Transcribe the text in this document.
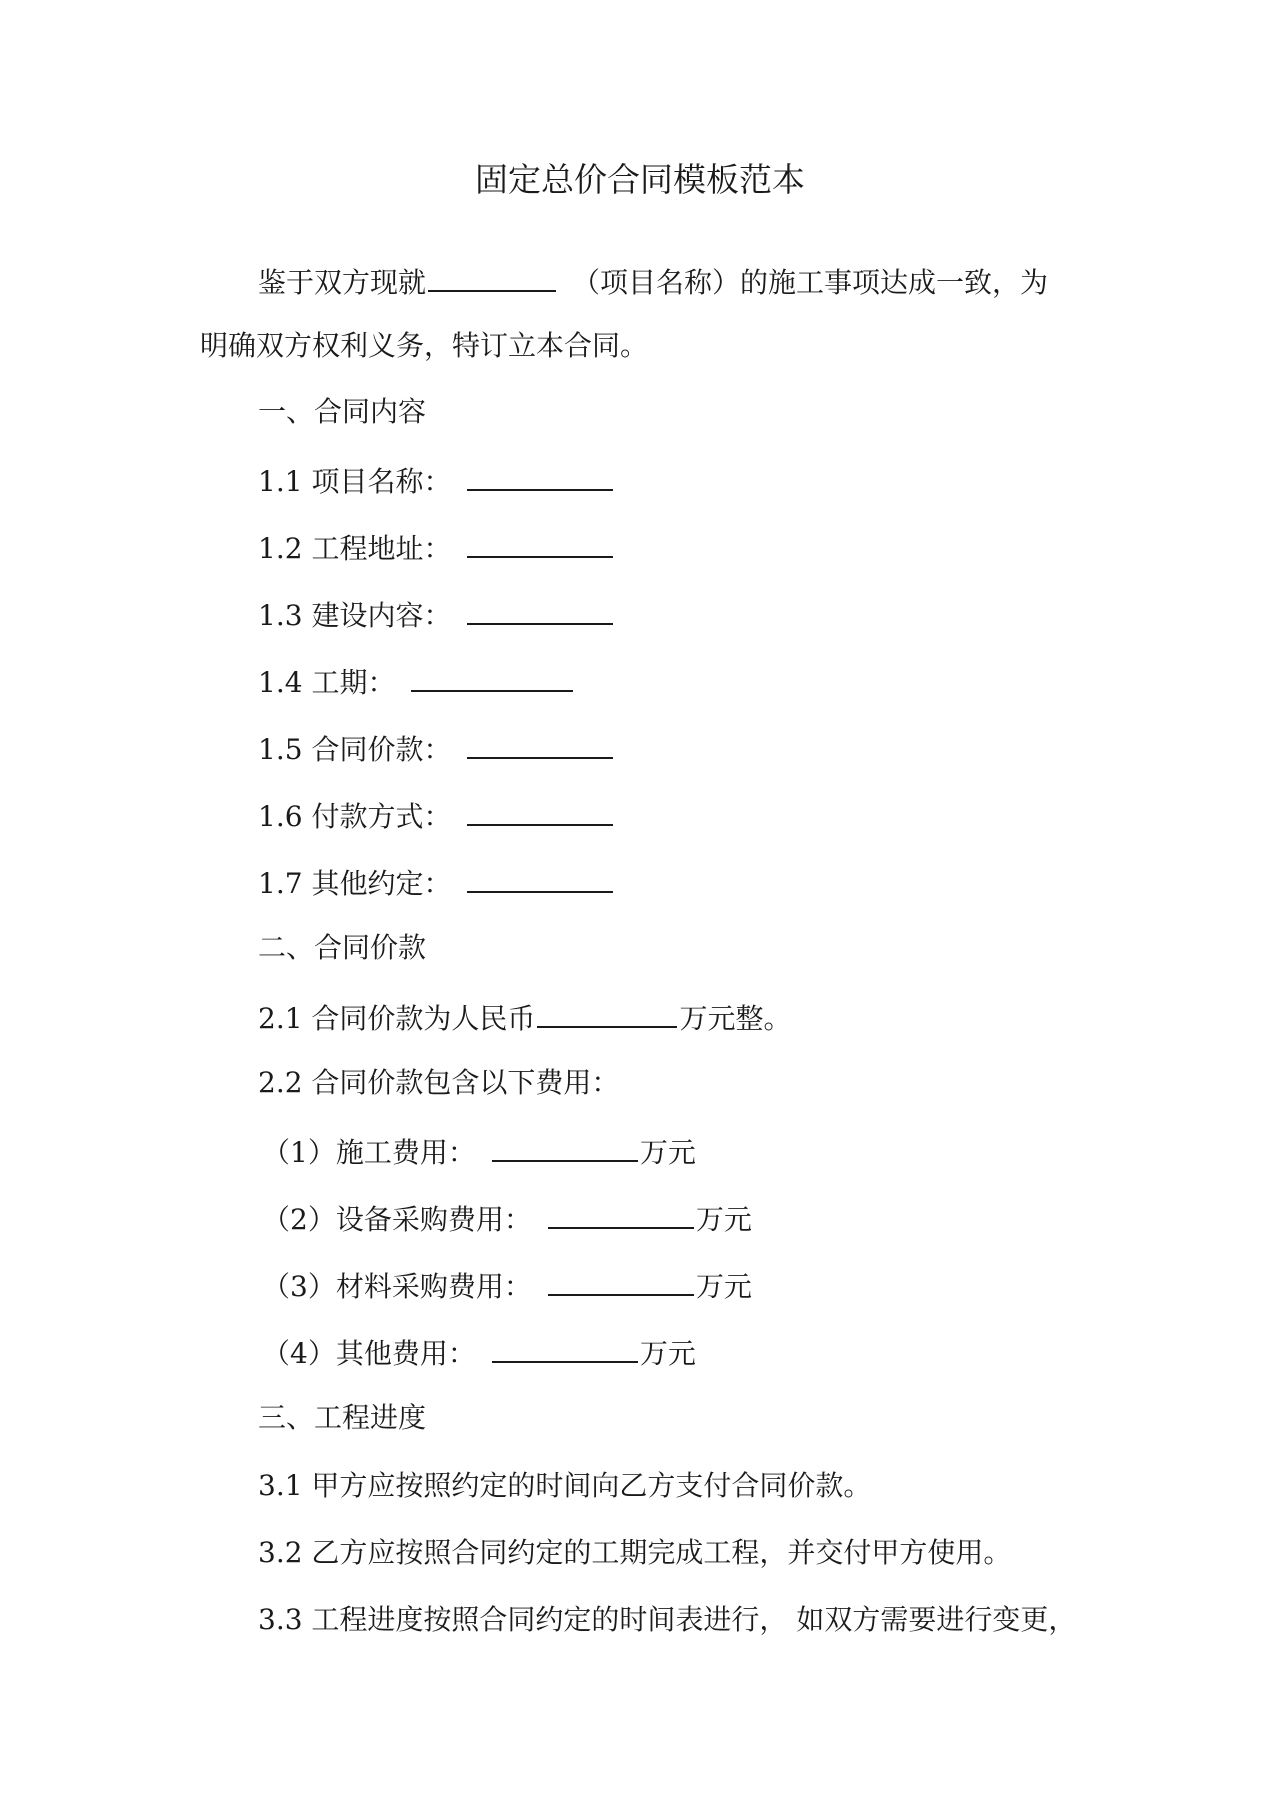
固定总价合同模板范本
鉴于双方现就	（项目名称）的施工事项达成一致，为
明确双方权利义务，特订立本合同。
一、合同内容
1.1 项目名称：
1.2 工程地址：
1.3 建设内容：
1.4 工期：
1.5 合同价款：
1.6 付款方式：
1.7 其他约定：
二、合同价款
2.1 合同价款为人民币	万元整。
2.2 合同价款包含以下费用：
（1）施工费用：	万元
（2）设备采购费用：	万元
（3）材料采购费用：	万元
（4）其他费用：	万元
三、工程进度
3.1 甲方应按照约定的时间向乙方支付合同价款。
3.2 乙方应按照合同约定的工期完成工程，并交付甲方使用。
3.3 工程进度按照合同约定的时间表进行， 如双方需要进行变更，
